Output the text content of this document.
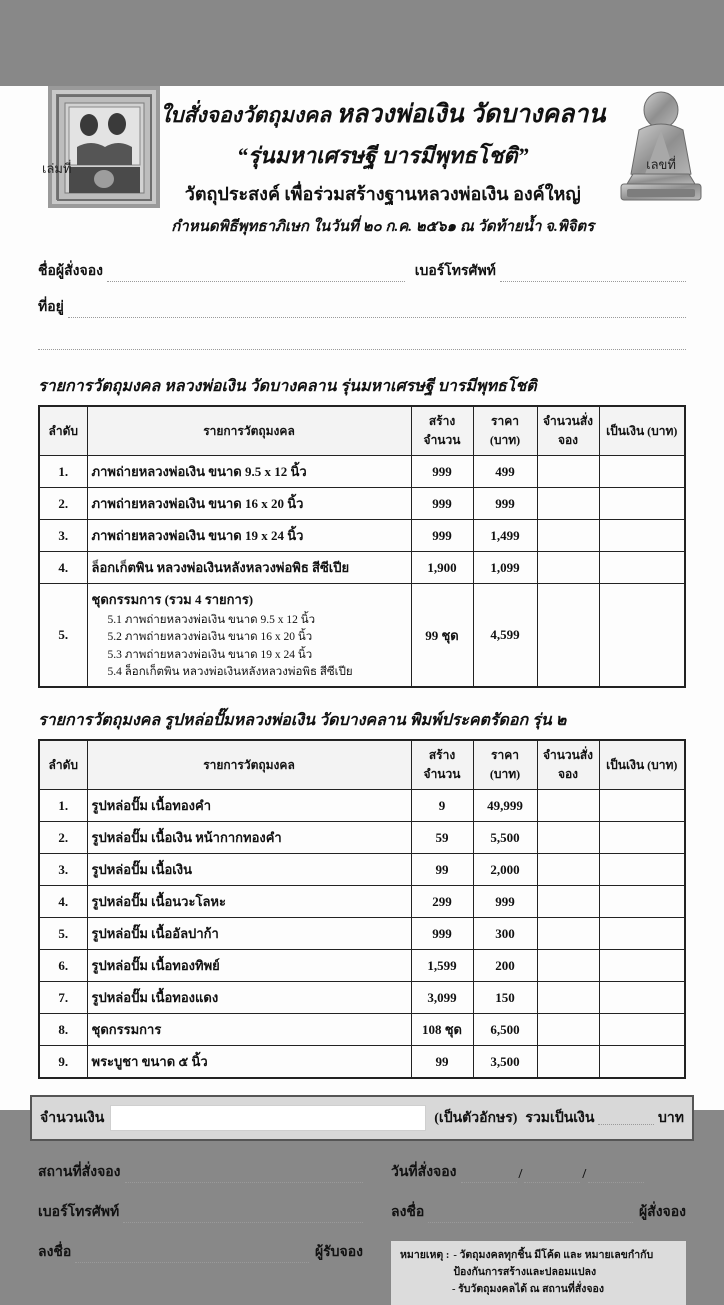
เล่มที่	เลขที่
ใบสั่งจองวัตถุมงคล หลวงพ่อเงิน วัดบางคลาน
“รุ่นมหาเศรษฐี บารมีพุทธโชติ”
วัตถุประสงค์ เพื่อร่วมสร้างฐานหลวงพ่อเงิน องค์ใหญ่
กำหนดพิธีพุทธาภิเษก ในวันที่ ๒๐ ก.ค. ๒๕๖๑ ณ วัดท้ายน้ำ จ.พิจิตร
ชื่อผู้สั่งจอง	เบอร์โทรศัพท์
ที่อยู่
รายการวัตถุมงคล หลวงพ่อเงิน วัดบางคลาน รุ่นมหาเศรษฐี บารมีพุทธโชติ
ลำดับ	รายการวัตถุมงคล	สร้างจำนวน	ราคา (บาท)	จำนวนสั่งจอง	เป็นเงิน (บาท)
1.	ภาพถ่ายหลวงพ่อเงิน ขนาด 9.5 x 12 นิ้ว	999	499		
2.	ภาพถ่ายหลวงพ่อเงิน ขนาด 16 x 20 นิ้ว	999	999		
3.	ภาพถ่ายหลวงพ่อเงิน ขนาด 19 x 24 นิ้ว	999	1,499		
4.	ล็อกเก็ตพิน หลวงพ่อเงินหลังหลวงพ่อพิธ สีซีเปีย	1,900	1,099		
5.	ชุดกรรมการ (รวม 4 รายการ)
5.1 ภาพถ่ายหลวงพ่อเงิน ขนาด 9.5 x 12 นิ้ว
5.2 ภาพถ่ายหลวงพ่อเงิน ขนาด 16 x 20 นิ้ว
5.3 ภาพถ่ายหลวงพ่อเงิน ขนาด 19 x 24 นิ้ว
5.4 ล็อกเก็ตพิน หลวงพ่อเงินหลังหลวงพ่อพิธ สีซีเปีย	99 ชุด	4,599		
รายการวัตถุมงคล รูปหล่อปั๊มหลวงพ่อเงิน วัดบางคลาน พิมพ์ประคตรัดอก รุ่น ๒
ลำดับ	รายการวัตถุมงคล	สร้างจำนวน	ราคา (บาท)	จำนวนสั่งจอง	เป็นเงิน (บาท)
1.	รูปหล่อปั๊ม เนื้อทองคำ	9	49,999		
2.	รูปหล่อปั๊ม เนื้อเงิน หน้ากากทองคำ	59	5,500		
3.	รูปหล่อปั๊ม เนื้อเงิน	99	2,000		
4.	รูปหล่อปั๊ม เนื้อนวะโลหะ	299	999		
5.	รูปหล่อปั๊ม เนื้ออัลปาก้า	999	300		
6.	รูปหล่อปั๊ม เนื้อทองทิพย์	1,599	200		
7.	รูปหล่อปั๊ม เนื้อทองแดง	3,099	150		
8.	ชุดกรรมการ	108 ชุด	6,500		
9.	พระบูชา ขนาด ๕ นิ้ว	99	3,500		
จำนวนเงิน	(เป็นตัวอักษร) รวมเป็นเงิน	บาท
สถานที่สั่งจอง
เบอร์โทรศัพท์
ลงชื่อ	ผู้รับจอง
วันที่สั่งจอง	/	/
ลงชื่อ	ผู้สั่งจอง
หมายเหตุ : - วัตถุมงคลทุกชิ้น มีโค้ด และ หมายเลขกำกับ ป้องกันการสร้างและปลอมแปลง
- รับวัตถุมงคลได้ ณ สถานที่สั่งจอง
